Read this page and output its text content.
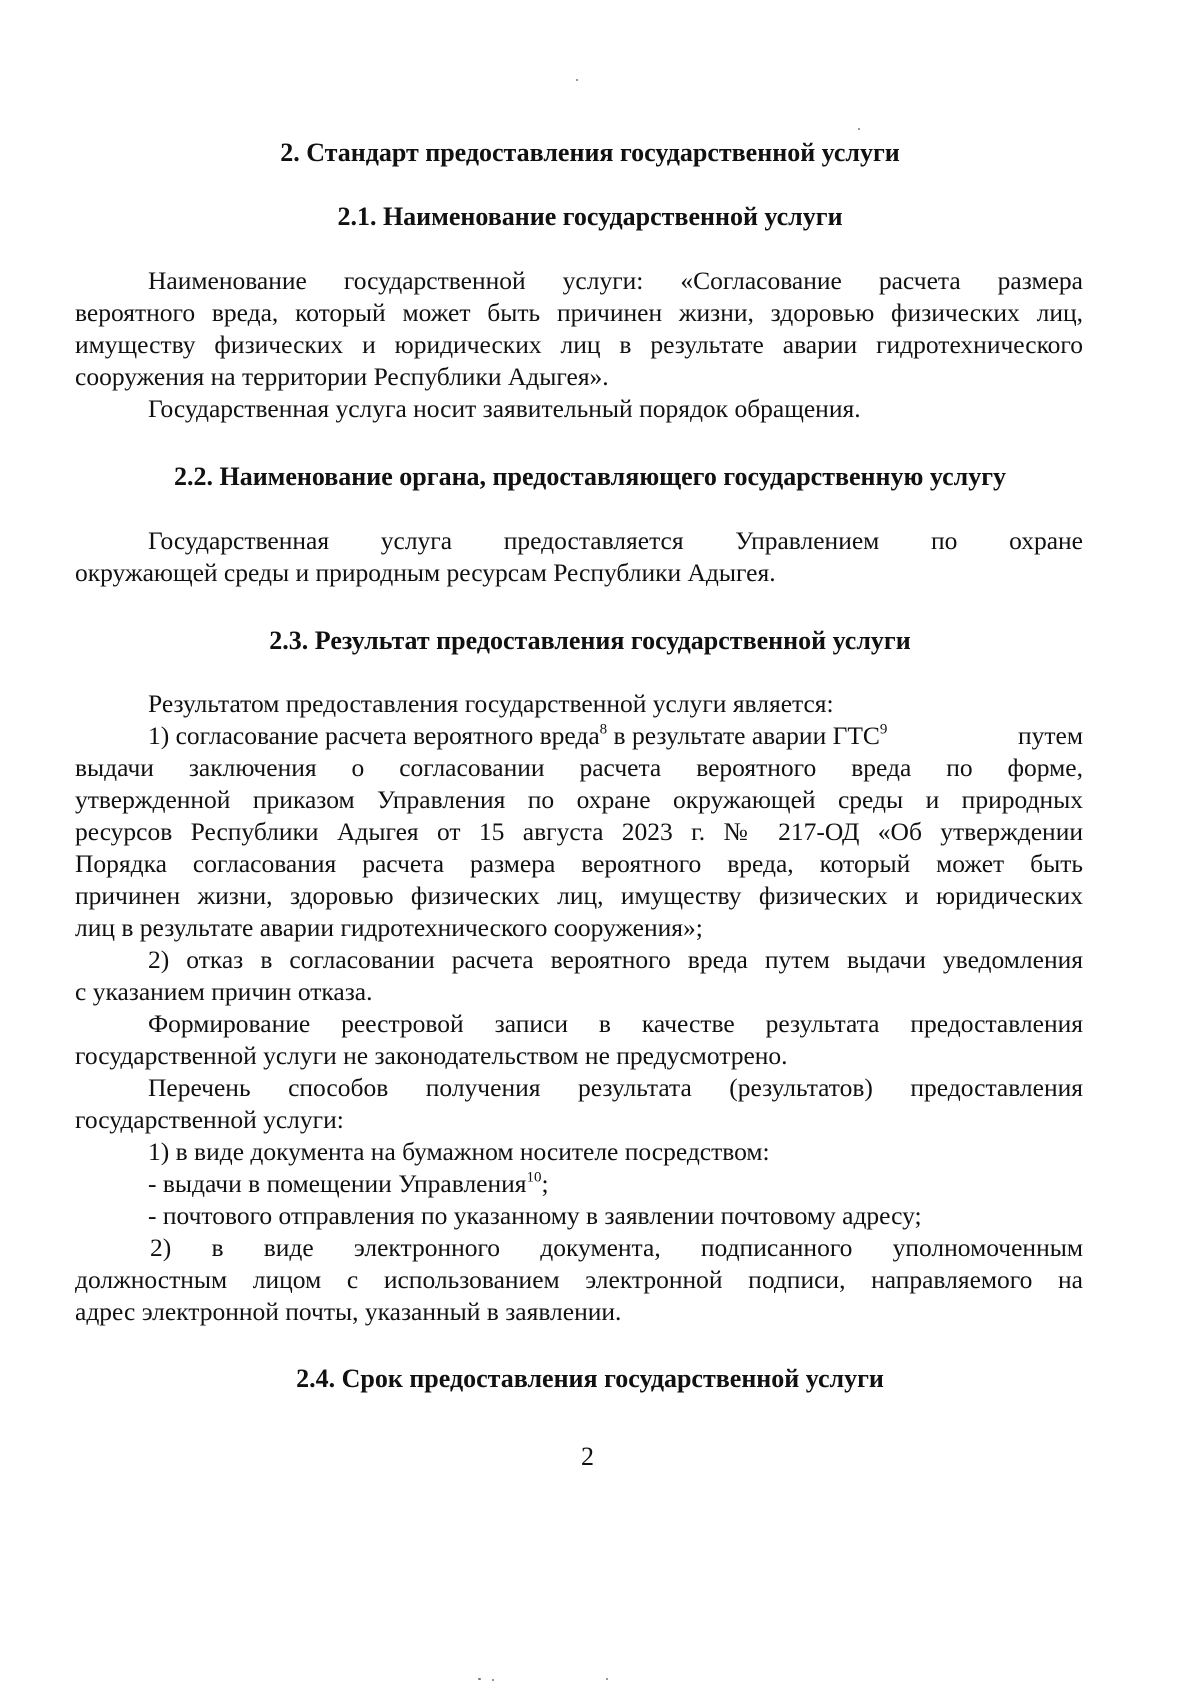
2. Стандарт предоставления государственной услуги
2.1. Наименование государственной услуги
Наименование государственной услуги: «Согласование расчета размера
вероятного вреда, который может быть причинен жизни, здоровью физических лиц,
имуществу физических и юридических лиц в результате аварии гидротехнического
сооружения на территории Республики Адыгея».
Государственная услуга носит заявительный порядок обращения.
2.2. Наименование органа, предоставляющего государственную услугу
Государственная услуга предоставляется Управлением по охране
окружающей среды и природным ресурсам Республики Адыгея.
2.3. Результат предоставления государственной услуги
Результатом предоставления государственной услуги является:
1) согласование расчета вероятного вреда$^8$ в результате аварии ГТС$^9$	путем
выдачи заключения о согласовании расчета вероятного вреда по форме,
утвержденной приказом Управления по охране окружающей среды и природных
ресурсов Республики Адыгея от 15 августа 2023 г. № 217-ОД «Об утверждении
Порядка согласования расчета размера вероятного вреда, который может быть
причинен жизни, здоровью физических лиц, имуществу физических и юридических
лиц в результате аварии гидротехнического сооружения»;
2) отказ в согласовании расчета вероятного вреда путем выдачи уведомления
с указанием причин отказа.
Формирование реестровой записи в качестве результата предоставления
государственной услуги не законодательством не предусмотрено.
Перечень способов получения результата (результатов) предоставления
государственной услуги:
1) в виде документа на бумажном носителе посредством:
- выдачи в помещении Управления$^{10}$;
- почтового отправления по указанному в заявлении почтовому адресу;
2) в виде электронного документа, подписанного уполномоченным
должностным лицом с использованием электронной подписи, направляемого на
адрес электронной почты, указанный в заявлении.
2.4. Срок предоставления государственной услуги
2
